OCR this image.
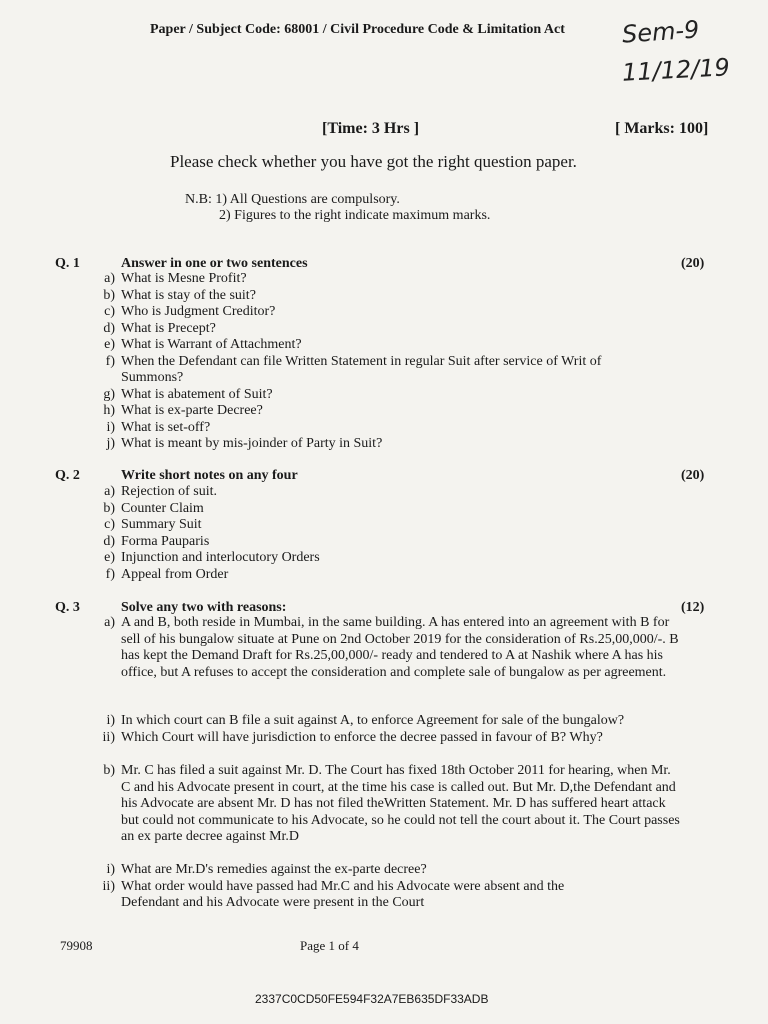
Paper / Subject Code: 68001 / Civil Procedure Code & Limitation Act Sem-9
11/12/19
[Time: 3 Hrs ]	[ Marks: 100]
Please check whether you have got the right question paper.
N.B: 1) All Questions are compulsory.
2) Figures to the right indicate maximum marks.
Q. 1	Answer in one or two sentences	(20)
a) What is Mesne Profit?
b) What is stay of the suit?
c) Who is Judgment Creditor?
d) What is Precept?
e) What is Warrant of Attachment?
f) When the Defendant can file Written Statement in regular Suit after service of Writ of
Summons?
g) What is abatement of Suit?
h) What is ex-parte Decree?
i) What is set-off?
j) What is meant by mis-joinder of Party in Suit?
Q. 2	Write short notes on any four	(20)
a) Rejection of suit.
b) Counter Claim
c) Summary Suit
d) Forma Pauparis
e) Injunction and interlocutory Orders
f) Appeal from Order
Q. 3	Solve any two with reasons:	(12)
a) A and B, both reside in Mumbai, in the same building. A has entered into an agreement with B for sell of his bungalow situate at Pune on 2nd October 2019 for the consideration of Rs.25,00,000/-. B has kept the Demand Draft for Rs.25,00,000/- ready and tendered to A at Nashik where A has his office, but A refuses to accept the consideration and complete sale of bungalow as per agreement.
i) In which court can B file a suit against A, to enforce Agreement for sale of the bungalow?
ii) Which Court will have jurisdiction to enforce the decree passed in favour of B? Why?
b) Mr. C has filed a suit against Mr. D. The Court has fixed 18th October 2011 for hearing, when Mr. C and his Advocate present in court, at the time his case is called out. But Mr. D,the Defendant and his Advocate are absent Mr. D has not filed theWritten Statement. Mr. D has suffered heart attack but could not communicate to his Advocate, so he could not tell the court about it. The Court passes an ex parte decree against Mr.D
i) What are Mr.D's remedies against the ex-parte decree?
ii) What order would have passed had Mr.C and his Advocate were absent and the
Defendant and his Advocate were present in the Court
79908	Page 1 of 4
2337C0CD50FE594F32A7EB635DF33ADB
